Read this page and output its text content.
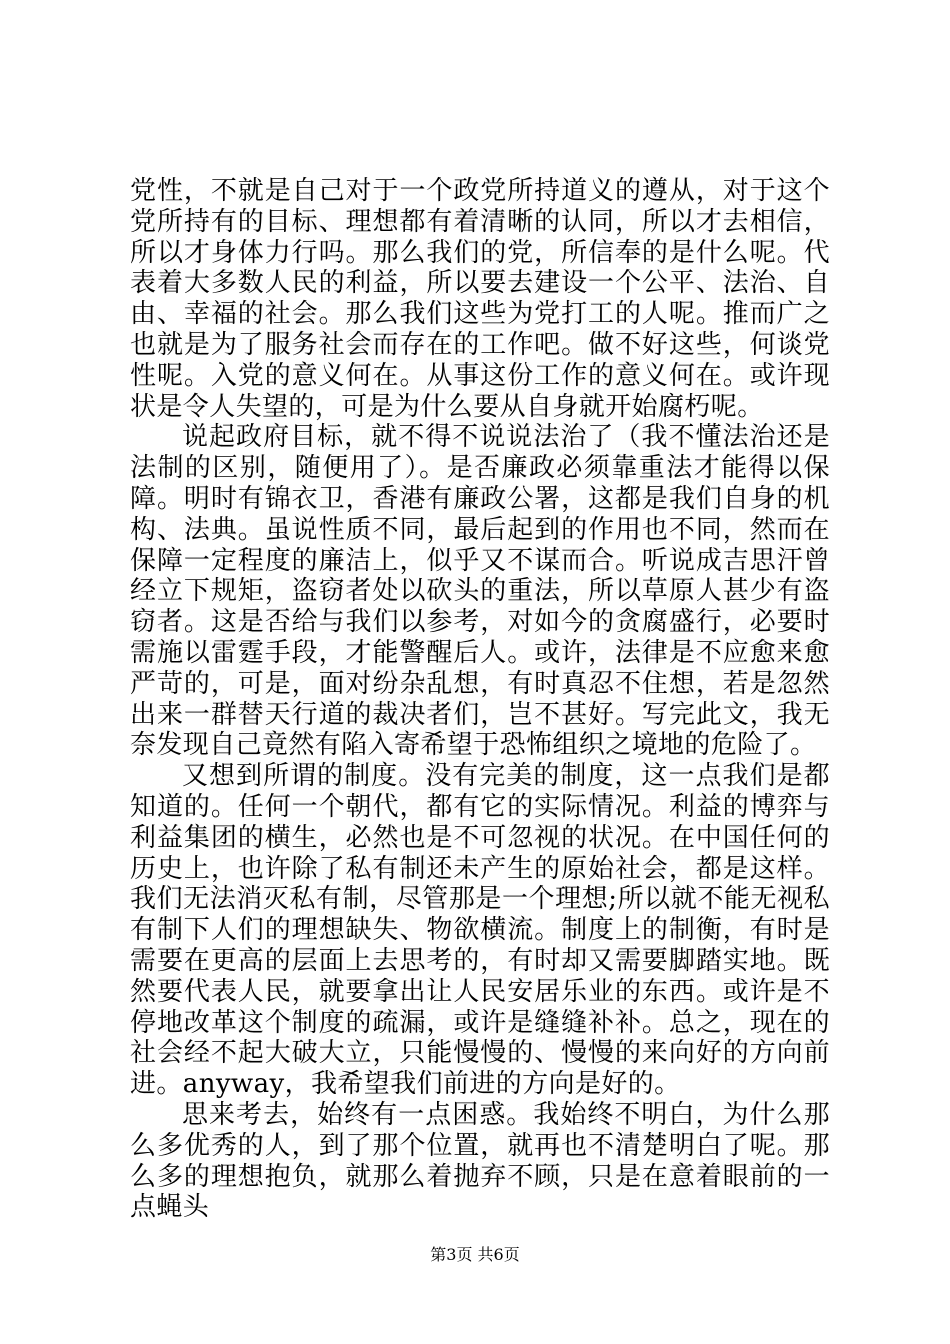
党性，不就是自己对于一个政党所持道义的遵从，对于这个党所持有的目标、理想都有着清晰的认同，所以才去相信，所以才身体力行吗。那么我们的党，所信奉的是什么呢。代表着大多数人民的利益，所以要去建设一个公平、法治、自由、幸福的社会。那么我们这些为党打工的人呢。推而广之也就是为了服务社会而存在的工作吧。做不好这些，何谈党性呢。入党的意义何在。从事这份工作的意义何在。或许现状是令人失望的，可是为什么要从自身就开始腐朽呢。

说起政府目标，就不得不说说法治了（我不懂法治还是法制的区别，随便用了）。是否廉政必须靠重法才能得以保障。明时有锦衣卫，香港有廉政公署，这都是我们自身的机构、法典。虽说性质不同，最后起到的作用也不同，然而在保障一定程度的廉洁上，似乎又不谋而合。听说成吉思汗曾经立下规矩，盗窃者处以砍头的重法，所以草原人甚少有盗窃者。这是否给与我们以参考，对如今的贪腐盛行，必要时需施以雷霆手段，才能警醒后人。或许，法律是不应愈来愈严苛的，可是，面对纷杂乱想，有时真忍不住想，若是忽然出来一群替天行道的裁决者们，岂不甚好。写完此文，我无奈发现自己竟然有陷入寄希望于恐怖组织之境地的危险了。

又想到所谓的制度。没有完美的制度，这一点我们是都知道的。任何一个朝代，都有它的实际情况。利益的博弈与利益集团的横生，必然也是不可忽视的状况。在中国任何的历史上，也许除了私有制还未产生的原始社会，都是这样。我们无法消灭私有制，尽管那是一个理想;所以就不能无视私有制下人们的理想缺失、物欲横流。制度上的制衡，有时是需要在更高的层面上去思考的，有时却又需要脚踏实地。既然要代表人民，就要拿出让人民安居乐业的东西。或许是不停地改革这个制度的疏漏，或许是缝缝补补。总之，现在的社会经不起大破大立，只能慢慢的、慢慢的来向好的方向前进。anyway，我希望我们前进的方向是好的。

思来考去，始终有一点困惑。我始终不明白，为什么那么多优秀的人，到了那个位置，就再也不清楚明白了呢。那么多的理想抱负，就那么着抛弃不顾，只是在意着眼前的一点蝇头

第3页 共6页
